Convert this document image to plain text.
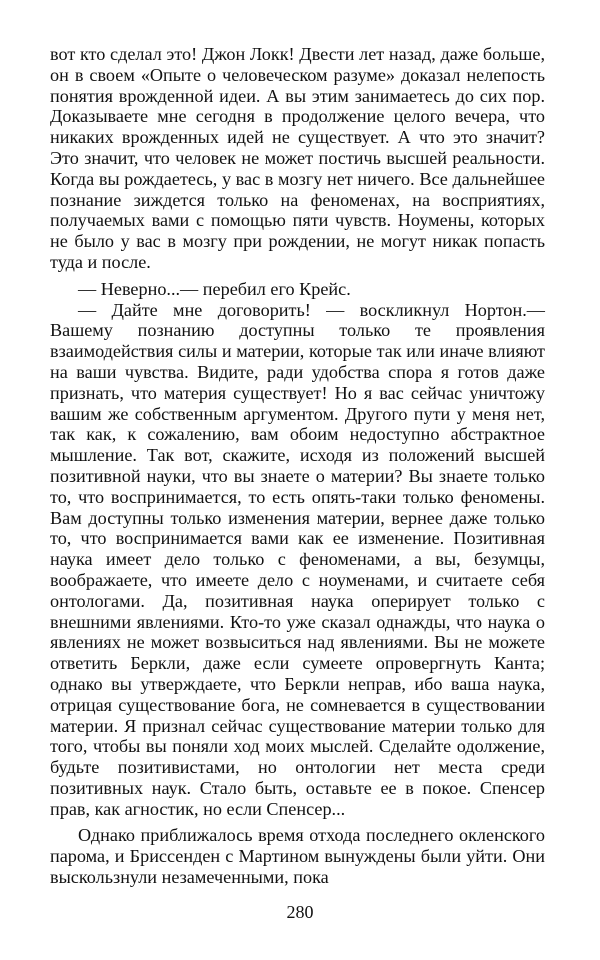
вот кто сделал это! Джон Локк! Двести лет назад, даже больше, он в своем «Опыте о человеческом разуме» доказал нелепость понятия врожденной идеи. А вы этим занимаетесь до сих пор. Доказываете мне сегодня в продолжение целого вечера, что никаких врожденных идей не существует. А что это значит? Это значит, что человек не может постичь высшей реальности. Когда вы рождаетесь, у вас в мозгу нет ничего. Все дальнейшее познание зиждется только на феноменах, на восприятиях, получаемых вами с помощью пяти чувств. Ноумены, которых не было у вас в мозгу при рождении, не могут никак попасть туда и после.

— Неверно...— перебил его Крейс.

— Дайте мне договорить! — воскликнул Нортон.— Вашему познанию доступны только те проявления взаимодействия силы и материи, которые так или иначе влияют на ваши чувства. Видите, ради удобства спора я готов даже признать, что материя существует! Но я вас сейчас уничтожу вашим же собственным аргументом. Другого пути у меня нет, так как, к сожалению, вам обоим недоступно абстрактное мышление. Так вот, скажите, исходя из положений высшей позитивной науки, что вы знаете о материи? Вы знаете только то, что воспринимается, то есть опять-таки только феномены. Вам доступны только изменения материи, вернее даже только то, что воспринимается вами как ее изменение. Позитивная наука имеет дело только с феноменами, а вы, безумцы, воображаете, что имеете дело с ноуменами, и считаете себя онтологами. Да, позитивная наука оперирует только с внешними явлениями. Кто-то уже сказал однажды, что наука о явлениях не может возвыситься над явлениями. Вы не можете ответить Беркли, даже если сумеете опровергнуть Канта; однако вы утверждаете, что Беркли неправ, ибо ваша наука, отрицая существование бога, не сомневается в существовании материи. Я признал сейчас существование материи только для того, чтобы вы поняли ход моих мыслей. Сделайте одолжение, будьте позитивистами, но онтологии нет места среди позитивных наук. Стало быть, оставьте ее в покое. Спенсер прав, как агностик, но если Спенсер...

Однако приближалось время отхода последнего окленского парома, и Бриссенден с Мартином вынуждены были уйти. Они выскользнули незамеченными, пока

280
